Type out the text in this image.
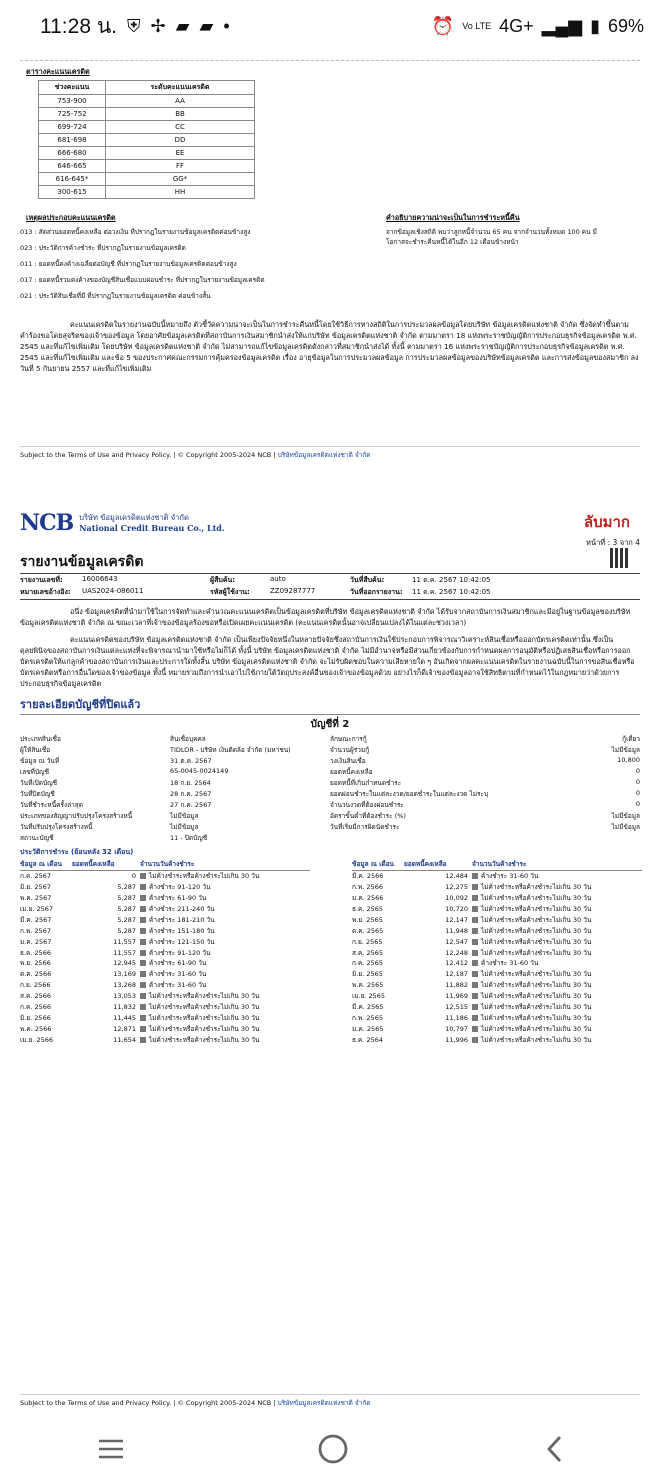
11:28 น. ⛨ ✢ ▰ ▰ •	⏰ Vo LTE 4G+ ▂▄▆ ▮ 69%
ตารางคะแนนเครดิต
ช่วงคะแนน	ระดับคะแนนเครดิต
753-900	AA
725-752	BB
699-724	CC
681-698	DD
666-680	EE
646-665	FF
616-645*	GG*
300-615	HH
เหตุผลประกอบคะแนนเครดิต
013 : สัดส่วนยอดหนี้คงเหลือ ต่อวงเงิน ที่ปรากฏในรายงานข้อมูลเครดิตค่อนข้างสูง
023 : ประวัติการค้างชำระ ที่ปรากฏในรายงานข้อมูลเครดิต
011 : ยอดหนี้คงค้างเฉลี่ยต่อบัญชี ที่ปรากฏในรายงานข้อมูลเครดิตค่อนข้างสูง
017 : ยอดหนี้รวมคงค้างของบัญชีสินเชื่อแบบผ่อนชำระ ที่ปรากฏในรายงานข้อมูลเครดิต
021 : ประวัติสินเชื่อที่มี ที่ปรากฏในรายงานข้อมูลเครดิต ค่อนข้างสั้น
คำอธิบายความน่าจะเป็นในการชำระหนี้คืน
จากข้อมูลเชิงสถิติ พบว่าลูกหนี้จำนวน 65 คน จากจำนวนทั้งหมด 100 คน มีโอกาสจะชำระคืนหนี้ได้ในอีก 12 เดือนข้างหน้า
คะแนนเครดิตในรายงานฉบับนี้หมายถึง ตัวชี้วัดความน่าจะเป็นในการชำระคืนหนี้โดยใช้วิธีการทางสถิติในการประมวลผลข้อมูลโดยบริษัท ข้อมูลเครดิตแห่งชาติ จำกัด ซึ่งจัดทำขึ้นตามคำร้องขอโดยสุจริตของเจ้าของข้อมูล โดยอาศัยข้อมูลเครดิตที่สถาบันการเงินสมาชิกนำส่งให้แก่บริษัท ข้อมูลเครดิตแห่งชาติ จำกัด ตามมาตรา 18 แห่งพระราชบัญญัติการประกอบธุรกิจข้อมูลเครดิต พ.ศ. 2545 และที่แก้ไขเพิ่มเติม โดยบริษัท ข้อมูลเครดิตแห่งชาติ จำกัด ไม่สามารถแก้ไขข้อมูลเครดิตดังกล่าวที่สมาชิกนำส่งได้ ทั้งนี้ ตามมาตรา 16 แห่งพระราชบัญญัติการประกอบธุรกิจข้อมูลเครดิต พ.ศ. 2545 และที่แก้ไขเพิ่มเติม และข้อ 5 ของประกาศคณะกรรมการคุ้มครองข้อมูลเครดิต เรื่อง อายุข้อมูลในการประมวลผลข้อมูล การประมวลผลข้อมูลของบริษัทข้อมูลเครดิต และการส่งข้อมูลของสมาชิก ลงวันที่ 5 กันยายน 2557 และที่แก้ไขเพิ่มเติม
Subject to the Terms of Use and Privacy Policy. | © Copyright 2005-2024 NCB | บริษัทข้อมูลเครดิตแห่งชาติ จำกัด
NCB บริษัท ข้อมูลเครดิตแห่งชาติ จำกัด
National Credit Bureau Co., Ltd.	ลับมาก
หน้าที่ : 3 จาก 4
รายงานข้อมูลเครดิต
รายงานเลขที่:	16006643	ผู้สืบค้น:	auto	วันที่สืบค้น:	11 ต.ค. 2567 10:42:05
หมายเลขอ้างอิง:	UAS2024-086011	รหัสผู้ใช้งาน:	ZZ09287777	วันที่ออกรายงาน:	11 ต.ค. 2567 10:42:05
อนึ่ง ข้อมูลเครดิตที่นำมาใช้ในการจัดทำและคำนวณคะแนนเครดิตเป็นข้อมูลเครดิตที่บริษัท ข้อมูลเครดิตแห่งชาติ จำกัด ได้รับจากสถาบันการเงินสมาชิกและมีอยู่ในฐานข้อมูลของบริษัท ข้อมูลเครดิตแห่งชาติ จำกัด ณ ขณะเวลาที่เจ้าของข้อมูลร้องขอหรือเปิดเผยคะแนนเครดิต (คะแนนเครดิตนั้นอาจเปลี่ยนแปลงได้ในแต่ละช่วงเวลา)
คะแนนเครดิตของบริษัท ข้อมูลเครดิตแห่งชาติ จำกัด เป็นเพียงปัจจัยหนึ่งในหลายปัจจัยซึ่งสถาบันการเงินใช้ประกอบการพิจารณาวิเคราะห์สินเชื่อหรือออกบัตรเครดิตเท่านั้น ซึ่งเป็นดุลยพินิจของสถาบันการเงินแต่ละแห่งที่จะพิจารณานำมาใช้หรือไม่ก็ได้ ทั้งนี้ บริษัท ข้อมูลเครดิตแห่งชาติ จำกัด ไม่มีอำนาจหรือมีส่วนเกี่ยวข้องกับการกำหนดผลการอนุมัติหรือปฏิเสธสินเชื่อหรือการออกบัตรเครดิตให้แก่ลูกค้าของสถาบันการเงินและประการใดทั้งสิ้น บริษัท ข้อมูลเครดิตแห่งชาติ จำกัด จะไม่รับผิดชอบในความเสียหายใด ๆ อันเกิดจากผลคะแนนเครดิตในรายงานฉบับนี้ในการขอสินเชื่อหรือบัตรเครดิตหรือการอื่นใดของเจ้าของข้อมูล ทั้งนี้ หมายรวมถึงการนำเอาไปใช้ภายใต้วัตถุประสงค์อื่นของเจ้าของข้อมูลด้วย อย่างไรก็ดีเจ้าของข้อมูลอาจใช้สิทธิตามที่กำหนดไว้ในกฎหมายว่าด้วยการประกอบธุรกิจข้อมูลเครดิต
รายละเอียดบัญชีที่ปิดแล้ว
บัญชีที่ 2
ประเภทสินเชื่อ	สินเชื่อบุคคล	ลักษณะการกู้	กู้เดี่ยว
ผู้ให้สินเชื่อ	TIDLOR - บริษัท เงินติดล้อ จำกัด (มหาชน)	จำนวนผู้ร่วมกู้	ไม่มีข้อมูล
ข้อมูล ณ วันที่	31 ต.ค. 2567	วงเงินสินเชื่อ	10,800
เลขที่บัญชี	65-0045-0024149	ยอดหนี้คงเหลือ	0
วันที่เปิดบัญชี	18 ก.ย. 2564	ยอดหนี้ที่เกินกำหนดชำระ	0
วันที่ปิดบัญชี	28 ก.ค. 2567	ยอดผ่อนชำระในแต่ละงวด/ยอดชำระในแต่ละงวด ไม่ระบุ	0
วันที่ชำระหนี้ครั้งล่าสุด	27 ก.ค. 2567	จำนวนงวดที่ต้องผ่อนชำระ	0
ประเภทของสัญญาปรับปรุงโครงสร้างหนี้	ไม่มีข้อมูล	อัตราขั้นต่ำที่ต้องชำระ (%)	ไม่มีข้อมูล
วันที่ปรับปรุงโครงสร้างหนี้	ไม่มีข้อมูล	วันที่เริ่มมีการผิดนัดชำระ	ไม่มีข้อมูล
สถานะบัญชี	11 - ปิดบัญชี
ประวัติการชำระ (ย้อนหลัง 32 เดือน)
ข้อมูล ณ เดือน	ยอดหนี้คงเหลือ	จำนวนวันค้างชำระ
ก.ค. 2567	0	ไม่ค้างชำระหรือค้างชำระไม่เกิน 30 วัน
มิ.ย. 2567	5,287	ค้างชำระ 91-120 วัน
พ.ค. 2567	5,287	ค้างชำระ 61-90 วัน
เม.ย. 2567	5,287	ค้างชำระ 211-240 วัน
มี.ค. 2567	5,287	ค้างชำระ 181-210 วัน
ก.พ. 2567	5,287	ค้างชำระ 151-180 วัน
ม.ค. 2567	11,557	ค้างชำระ 121-150 วัน
ธ.ค. 2566	11,557	ค้างชำระ 91-120 วัน
พ.ย. 2566	12,945	ค้างชำระ 61-90 วัน
ต.ค. 2566	13,169	ค้างชำระ 31-60 วัน
ก.ย. 2566	13,268	ค้างชำระ 31-60 วัน
ส.ค. 2566	13,053	ไม่ค้างชำระหรือค้างชำระไม่เกิน 30 วัน
ก.ค. 2566	11,832	ไม่ค้างชำระหรือค้างชำระไม่เกิน 30 วัน
มิ.ย. 2566	11,445	ไม่ค้างชำระหรือค้างชำระไม่เกิน 30 วัน
พ.ค. 2566	12,871	ไม่ค้างชำระหรือค้างชำระไม่เกิน 30 วัน
เม.ย. 2566	11,654	ไม่ค้างชำระหรือค้างชำระไม่เกิน 30 วัน
ข้อมูล ณ เดือน	ยอดหนี้คงเหลือ	จำนวนวันค้างชำระ
มี.ค. 2566	12,484	ค้างชำระ 31-60 วัน
ก.พ. 2566	12,275	ไม่ค้างชำระหรือค้างชำระไม่เกิน 30 วัน
ม.ค. 2566	10,092	ไม่ค้างชำระหรือค้างชำระไม่เกิน 30 วัน
ธ.ค. 2565	10,720	ไม่ค้างชำระหรือค้างชำระไม่เกิน 30 วัน
พ.ย. 2565	12,147	ไม่ค้างชำระหรือค้างชำระไม่เกิน 30 วัน
ต.ค. 2565	11,948	ไม่ค้างชำระหรือค้างชำระไม่เกิน 30 วัน
ก.ย. 2565	12,547	ไม่ค้างชำระหรือค้างชำระไม่เกิน 30 วัน
ส.ค. 2565	12,248	ไม่ค้างชำระหรือค้างชำระไม่เกิน 30 วัน
ก.ค. 2565	12,412	ค้างชำระ 31-60 วัน
มิ.ย. 2565	12,187	ไม่ค้างชำระหรือค้างชำระไม่เกิน 30 วัน
พ.ค. 2565	11,882	ไม่ค้างชำระหรือค้างชำระไม่เกิน 30 วัน
เม.ย. 2565	11,969	ไม่ค้างชำระหรือค้างชำระไม่เกิน 30 วัน
มี.ค. 2565	12,515	ไม่ค้างชำระหรือค้างชำระไม่เกิน 30 วัน
ก.พ. 2565	11,186	ไม่ค้างชำระหรือค้างชำระไม่เกิน 30 วัน
ม.ค. 2565	10,797	ไม่ค้างชำระหรือค้างชำระไม่เกิน 30 วัน
ธ.ค. 2564	11,996	ไม่ค้างชำระหรือค้างชำระไม่เกิน 30 วัน
Subject to the Terms of Use and Privacy Policy. | © Copyright 2005-2024 NCB | บริษัทข้อมูลเครดิตแห่งชาติ จำกัด
